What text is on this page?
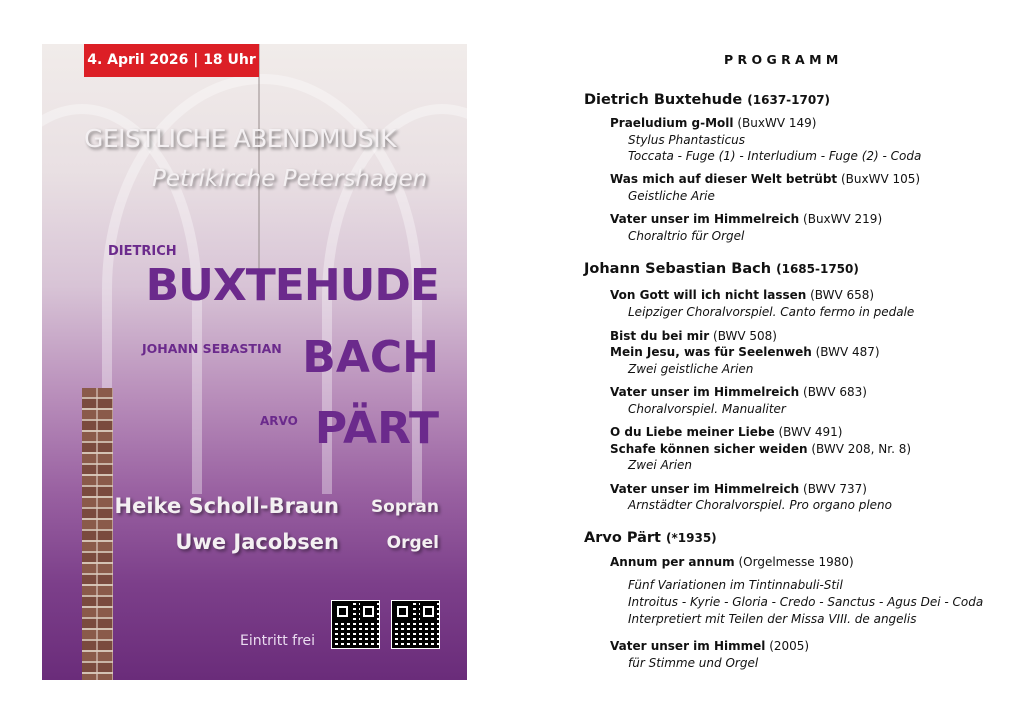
4. April 2026 | 18 Uhr
GEISTLICHE ABENDMUSIK
Petrikirche Petershagen
DIETRICH
BUXTEHUDE
JOHANN SEBASTIAN BACH
ARVO PÄRT
Heike Scholl-Braun Sopran
Uwe Jacobsen	Orgel
Eintritt frei
P R O G R A M M
Dietrich Buxtehude (1637-1707)
Praeludium g-Moll (BuxWV 149)
Stylus Phantasticus
Toccata - Fuge (1) - Interludium - Fuge (2) - Coda
Was mich auf dieser Welt betrübt (BuxWV 105)
Geistliche Arie
Vater unser im Himmelreich (BuxWV 219)
Choraltrio für Orgel
Johann Sebastian Bach (1685-1750)
Von Gott will ich nicht lassen (BWV 658)
Leipziger Choralvorspiel. Canto fermo in pedale
Bist du bei mir (BWV 508)
Mein Jesu, was für Seelenweh (BWV 487)
Zwei geistliche Arien
Vater unser im Himmelreich (BWV 683)
Choralvorspiel. Manualiter
O du Liebe meiner Liebe (BWV 491)
Schafe können sicher weiden (BWV 208, Nr. 8)
Zwei Arien
Vater unser im Himmelreich (BWV 737)
Arnstädter Choralvorspiel. Pro organo pleno
Arvo Pärt (*1935)
Annum per annum (Orgelmesse 1980)
Fünf Variationen im Tintinnabuli-Stil
Introitus - Kyrie - Gloria - Credo - Sanctus - Agus Dei - Coda
Interpretiert mit Teilen der Missa VIII. de angelis
Vater unser im Himmel (2005)
für Stimme und Orgel
